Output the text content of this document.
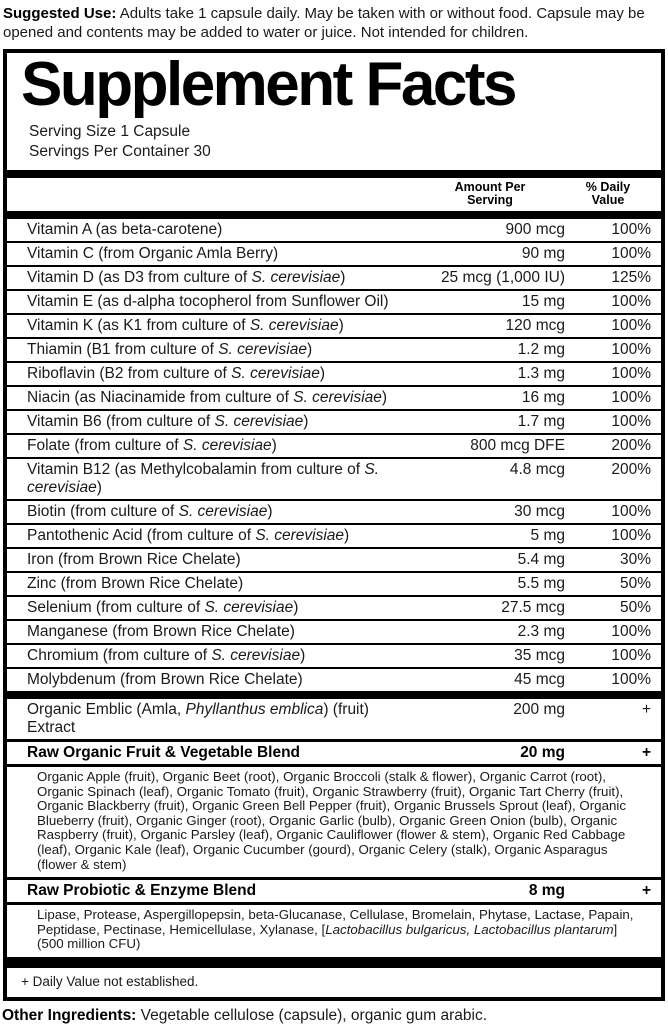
Suggested Use: Adults take 1 capsule daily. May be taken with or without food. Capsule may be opened and contents may be added to water or juice. Not intended for children.
Supplement Facts
Serving Size 1 Capsule
Servings Per Container 30
Amount Per
Serving
% Daily
Value
Vitamin A (as beta-carotene)	900 mcg	100%
Vitamin C (from Organic Amla Berry)	90 mg	100%
Vitamin D (as D3 from culture of S. cerevisiae)	25 mcg (1,000 IU)	125%
Vitamin E (as d-alpha tocopherol from Sunflower Oil)	15 mg	100%
Vitamin K (as K1 from culture of S. cerevisiae)	120 mcg	100%
Thiamin (B1 from culture of S. cerevisiae)	1.2 mg	100%
Riboflavin (B2 from culture of S. cerevisiae)	1.3 mg	100%
Niacin (as Niacinamide from culture of S. cerevisiae)	16 mg	100%
Vitamin B6 (from culture of S. cerevisiae)	1.7 mg	100%
Folate (from culture of S. cerevisiae)	800 mcg DFE	200%
Vitamin B12 (as Methylcobalamin from culture of S. cerevisiae)
4.8 mcg	200%
Biotin (from culture of S. cerevisiae)	30 mcg	100%
Pantothenic Acid (from culture of S. cerevisiae)	5 mg	100%
Iron (from Brown Rice Chelate)	5.4 mg	30%
Zinc (from Brown Rice Chelate)	5.5 mg	50%
Selenium (from culture of S. cerevisiae)	27.5 mcg	50%
Manganese (from Brown Rice Chelate)	2.3 mg	100%
Chromium (from culture of S. cerevisiae)	35 mcg	100%
Molybdenum (from Brown Rice Chelate)	45 mcg	100%
Organic Emblic (Amla, Phyllanthus emblica) (fruit) Extract
200 mg	+
Raw Organic Fruit & Vegetable Blend	20 mg	+
Organic Apple (fruit), Organic Beet (root), Organic Broccoli (stalk & flower), Organic Carrot (root), Organic Spinach (leaf), Organic Tomato (fruit), Organic Strawberry (fruit), Organic Tart Cherry (fruit), Organic Blackberry (fruit), Organic Green Bell Pepper (fruit), Organic Brussels Sprout (leaf), Organic Blueberry (fruit), Organic Ginger (root), Organic Garlic (bulb), Organic Green Onion (bulb), Organic Raspberry (fruit), Organic Parsley (leaf), Organic Cauliflower (flower & stem), Organic Red Cabbage (leaf), Organic Kale (leaf), Organic Cucumber (gourd), Organic Celery (stalk), Organic Asparagus (flower & stem)
Raw Probiotic & Enzyme Blend	8 mg	+
Lipase, Protease, Aspergillopepsin, beta-Glucanase, Cellulase, Bromelain, Phytase, Lactase, Papain, Peptidase, Pectinase, Hemicellulase, Xylanase, [Lactobacillus bulgaricus, Lactobacillus plantarum] (500 million CFU)
+ Daily Value not established.
Other Ingredients: Vegetable cellulose (capsule), organic gum arabic.
